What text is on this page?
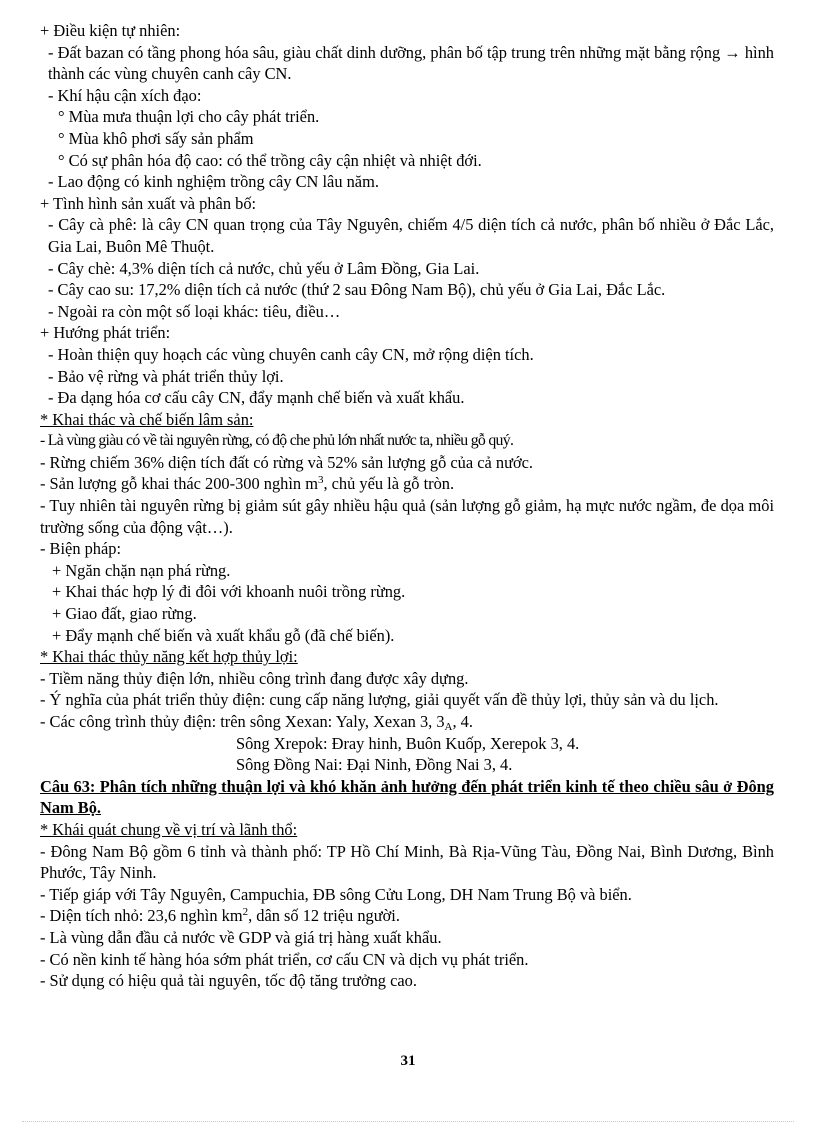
+ Điều kiện tự nhiên:
- Đất bazan có tầng phong hóa sâu, giàu chất dinh dưỡng, phân bố tập trung trên những mặt bằng rộng → hình thành các vùng chuyên canh cây CN.
- Khí hậu cận xích đạo:
° Mùa mưa thuận lợi cho cây phát triển.
° Mùa khô phơi sấy sản phẩm
° Có sự phân hóa độ cao: có thể trồng cây cận nhiệt và nhiệt đới.
- Lao động có kinh nghiệm trồng cây CN lâu năm.
+ Tình hình sản xuất và phân bố:
- Cây cà phê: là cây CN quan trọng của Tây Nguyên, chiếm 4/5 diện tích cả nước, phân bố nhiều ở Đắc Lắc, Gia Lai, Buôn Mê Thuột.
- Cây chè: 4,3% diện tích cả nước, chủ yếu ở Lâm Đồng, Gia Lai.
- Cây cao su: 17,2% diện tích cả nước (thứ 2 sau Đông Nam Bộ), chủ yếu ở Gia Lai, Đắc Lắc.
- Ngoài ra còn một số loại khác: tiêu, điều…
+ Hướng phát triển:
- Hoàn thiện quy hoạch các vùng chuyên canh cây CN, mở rộng diện tích.
- Bảo vệ rừng và phát triển thủy lợi.
- Đa dạng hóa cơ cấu cây CN, đẩy mạnh chế biến và xuất khẩu.
* Khai thác và chế biến lâm sản:
- Là vùng giàu có về tài nguyên rừng, có độ che phủ lớn nhất nước ta, nhiều gỗ quý.
- Rừng chiếm 36% diện tích đất có rừng và 52% sản lượng gỗ của cả nước.
- Sản lượng gỗ khai thác 200-300 nghìn $m^3$, chủ yếu là gỗ tròn.
- Tuy nhiên tài nguyên rừng bị giảm sút gây nhiều hậu quả (sản lượng gỗ giảm, hạ mực nước ngầm, đe dọa môi trường sống của động vật…).
- Biện pháp:
+ Ngăn chặn nạn phá rừng.
+ Khai thác hợp lý đi đôi với khoanh nuôi trồng rừng.
+ Giao đất, giao rừng.
+ Đẩy mạnh chế biến và xuất khẩu gỗ (đã chế biến).
* Khai thác thủy năng kết hợp thủy lợi:
- Tiềm năng thủy điện lớn, nhiều công trình đang được xây dựng.
- Ý nghĩa của phát triển thủy điện: cung cấp năng lượng, giải quyết vấn đề thủy lợi, thủy sản và du lịch.
- Các công trình thủy điện: trên sông Xexan: Yaly, Xexan 3, $3_A$, 4.
Sông Xrepok: Đray hinh, Buôn Kuốp, Xerepok 3, 4.
Sông Đồng Nai: Đại Ninh, Đồng Nai 3, 4.
Câu 63: Phân tích những thuận lợi và khó khăn ảnh hưởng đến phát triển kinh tế theo chiều sâu ở Đông Nam Bộ.
* Khái quát chung về vị trí và lãnh thổ:
- Đông Nam Bộ gồm 6 tỉnh và thành phố: TP Hồ Chí Minh, Bà Rịa-Vũng Tàu, Đồng Nai, Bình Dương, Bình Phước, Tây Ninh.
- Tiếp giáp với Tây Nguyên, Campuchia, ĐB sông Cửu Long, DH Nam Trung Bộ và biển.
- Diện tích nhỏ: 23,6 nghìn $km^2$, dân số 12 triệu người.
- Là vùng dẫn đầu cả nước về GDP và giá trị hàng xuất khẩu.
- Có nền kinh tế hàng hóa sớm phát triển, cơ cấu CN và dịch vụ phát triển.
- Sử dụng có hiệu quả tài nguyên, tốc độ tăng trưởng cao.
31
